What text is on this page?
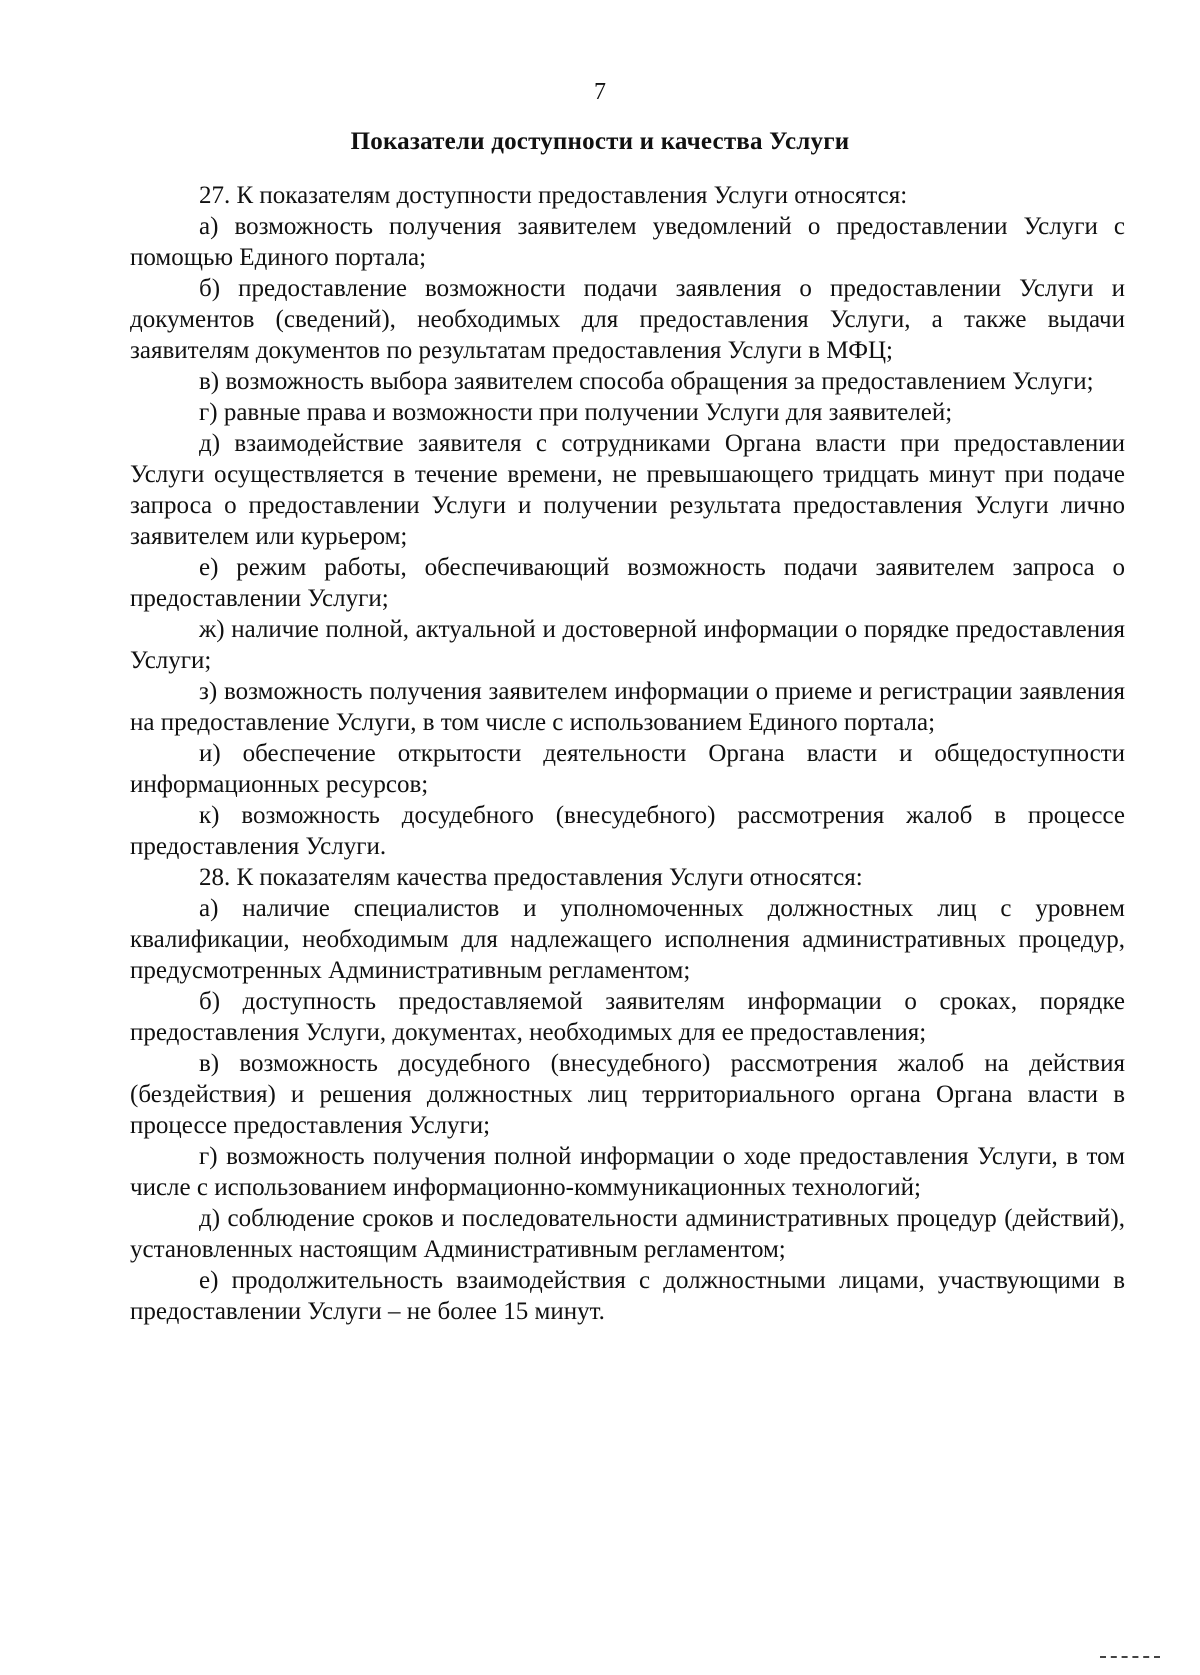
7
Показатели доступности и качества Услуги

27. К показателям доступности предоставления Услуги относятся:

а) возможность получения заявителем уведомлений о предоставлении Услуги с помощью Единого портала;

б) предоставление возможности подачи заявления о предоставлении Услуги и документов (сведений), необходимых для предоставления Услуги, а также выдачи заявителям документов по результатам предоставления Услуги в МФЦ;

в) возможность выбора заявителем способа обращения за предоставлением Услуги;

г) равные права и возможности при получении Услуги для заявителей;

д) взаимодействие заявителя с сотрудниками Органа власти при предоставлении Услуги осуществляется в течение времени, не превышающего тридцать минут при подаче запроса о предоставлении Услуги и получении результата предоставления Услуги лично заявителем или курьером;

е) режим работы, обеспечивающий возможность подачи заявителем запроса о предоставлении Услуги;

ж) наличие полной, актуальной и достоверной информации о порядке предоставления Услуги;

з) возможность получения заявителем информации о приеме и регистрации заявления на предоставление Услуги, в том числе с использованием Единого портала;

и) обеспечение открытости деятельности Органа власти и общедоступности информационных ресурсов;

к) возможность досудебного (внесудебного) рассмотрения жалоб в процессе предоставления Услуги.

28. К показателям качества предоставления Услуги относятся:

а) наличие специалистов и уполномоченных должностных лиц с уровнем квалификации, необходимым для надлежащего исполнения административных процедур, предусмотренных Административным регламентом;

б) доступность предоставляемой заявителям информации о сроках, порядке предоставления Услуги, документах, необходимых для ее предоставления;

в) возможность досудебного (внесудебного) рассмотрения жалоб на действия (бездействия) и решения должностных лиц территориального органа Органа власти в процессе предоставления Услуги;

г) возможность получения полной информации о ходе предоставления Услуги, в том числе с использованием информационно-коммуникационных технологий;

д) соблюдение сроков и последовательности административных процедур (действий), установленных настоящим Административным регламентом;

е) продолжительность взаимодействия с должностными лицами, участвующими в предоставлении Услуги – не более 15 минут.
